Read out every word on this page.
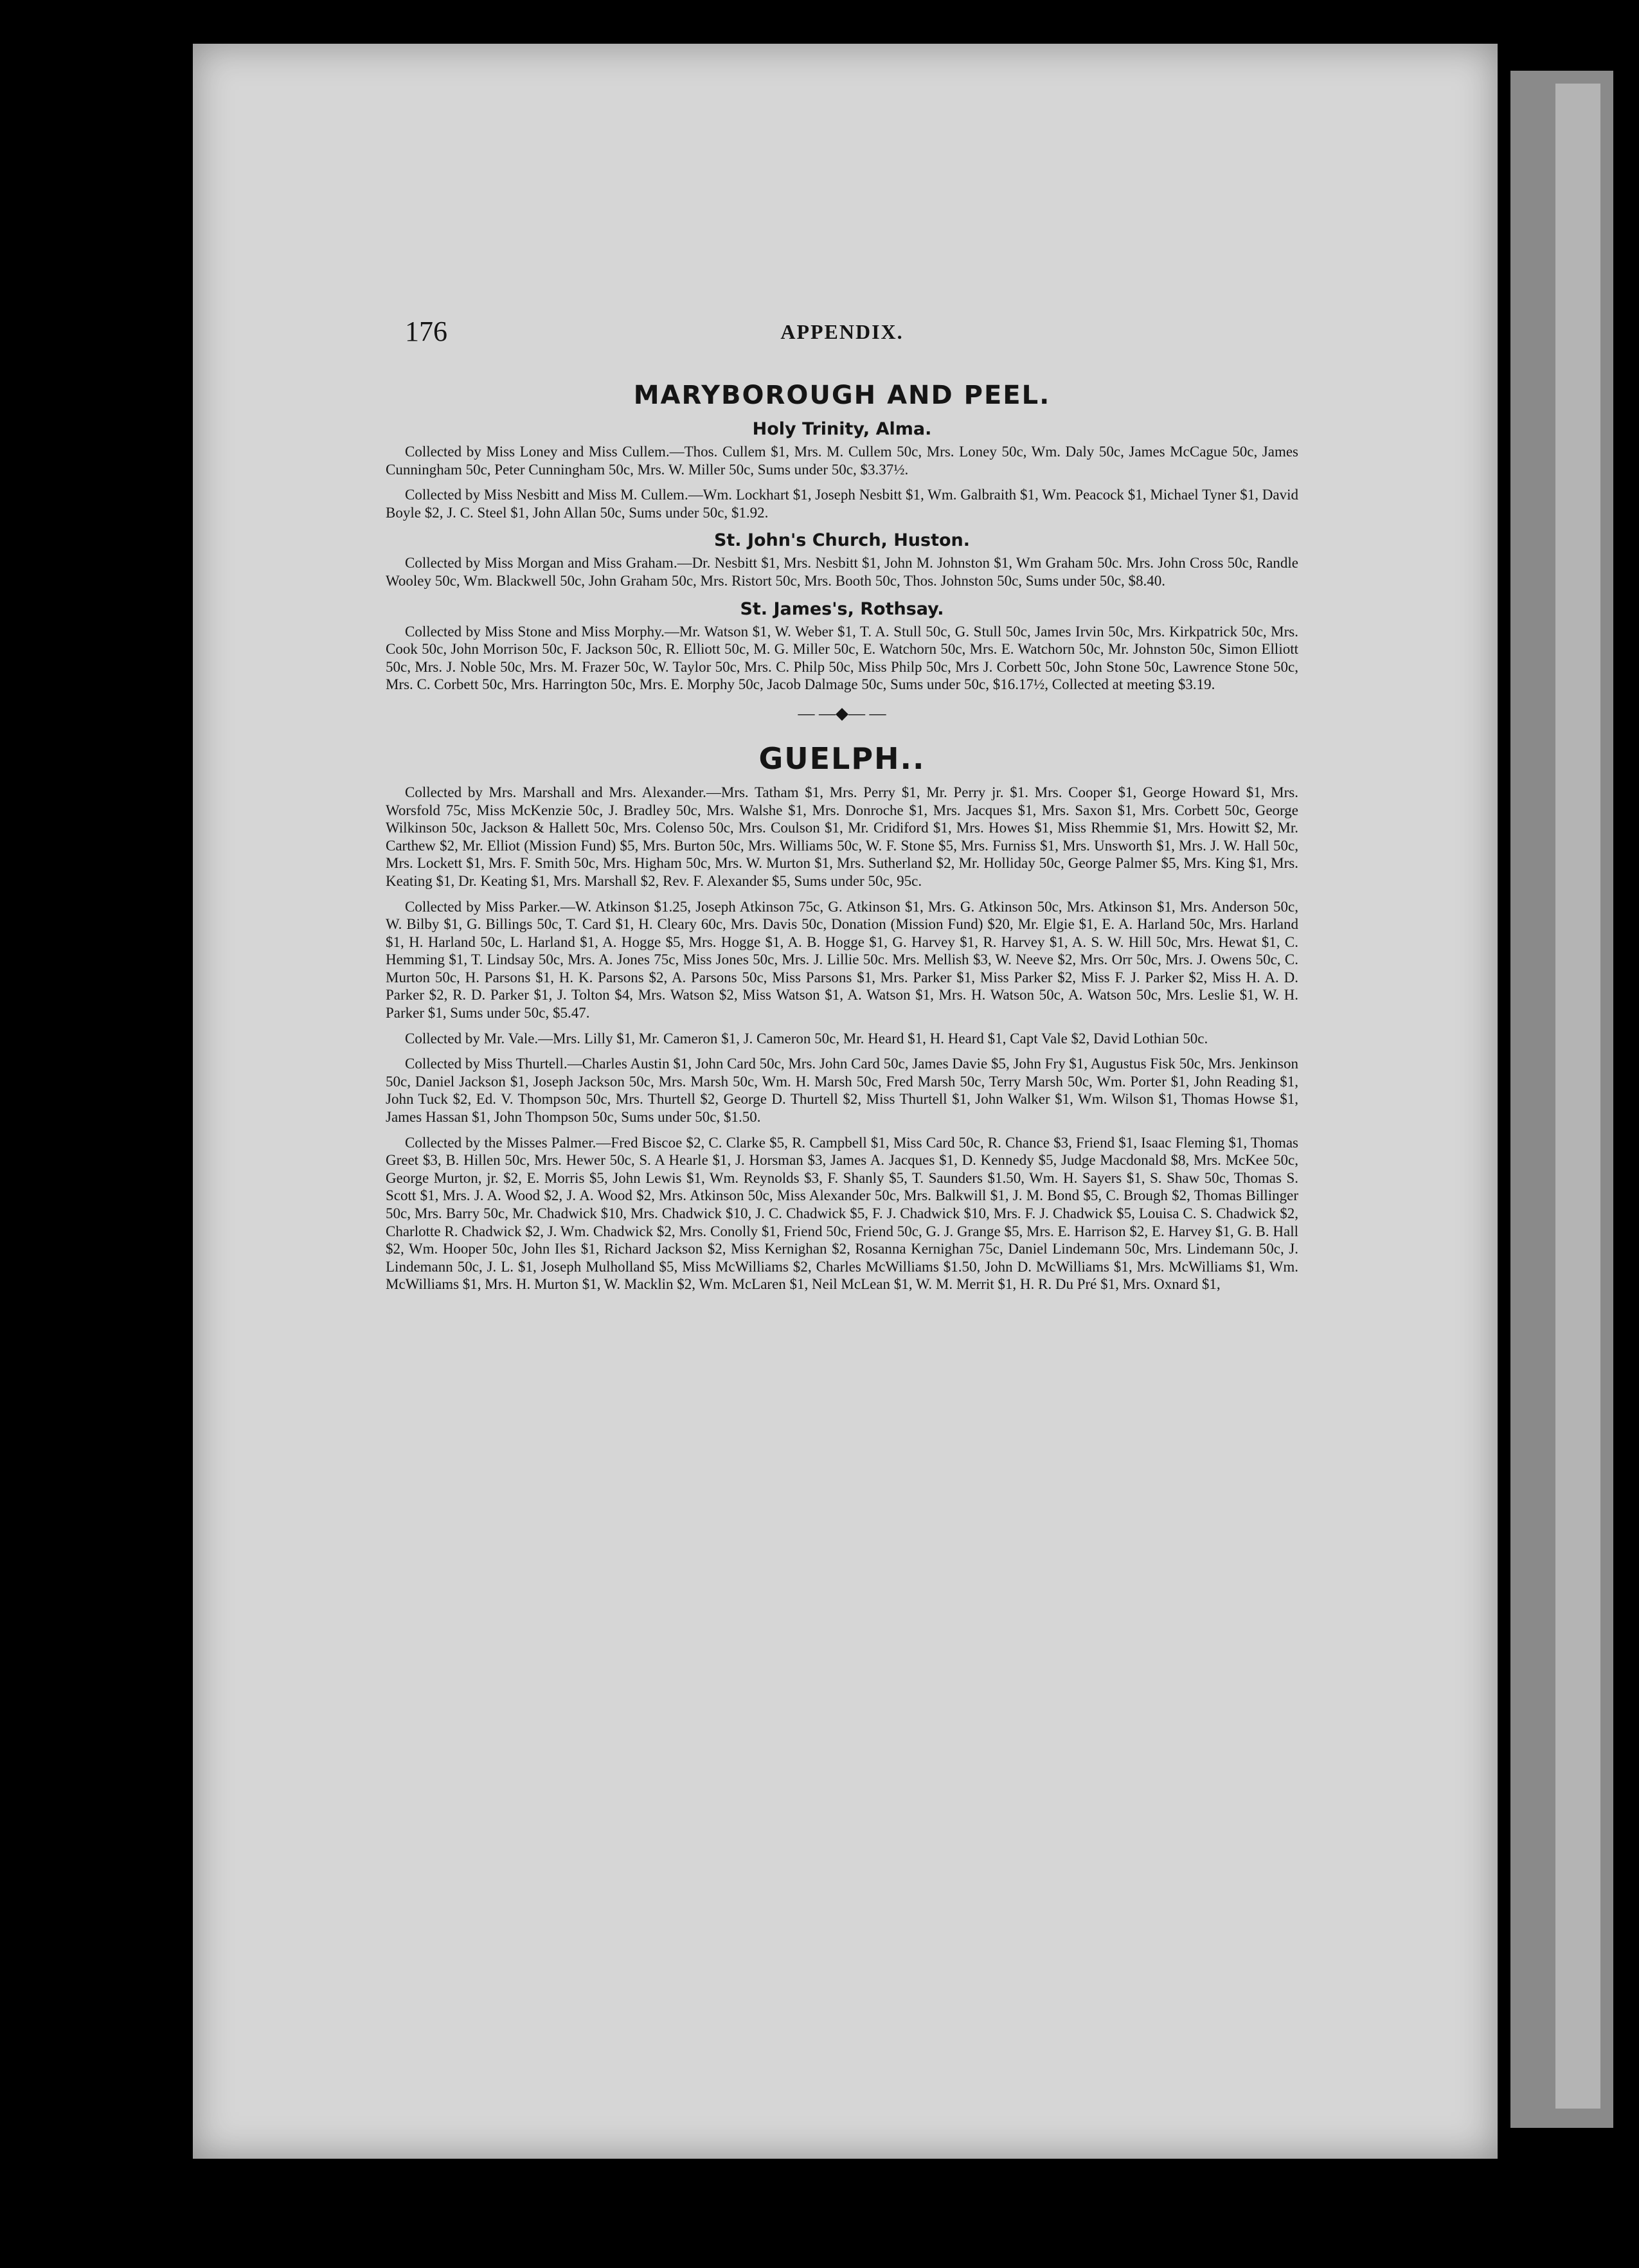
176	APPENDIX.
MARYBOROUGH AND PEEL.
Holy Trinity, Alma.

Collected by Miss Loney and Miss Cullem.—Thos. Cullem $1, Mrs. M. Cullem 50c, Mrs. Loney 50c, Wm. Daly 50c, James McCague 50c, James Cunningham 50c, Peter Cunningham 50c, Mrs. W. Miller 50c, Sums under 50c, $3.37½.

Collected by Miss Nesbitt and Miss M. Cullem.—Wm. Lockhart $1, Joseph Nesbitt $1, Wm. Galbraith $1, Wm. Peacock $1, Michael Tyner $1, David Boyle $2, J. C. Steel $1, John Allan 50c, Sums under 50c, $1.92.

St. John's Church, Huston.

Collected by Miss Morgan and Miss Graham.—Dr. Nesbitt $1, Mrs. Nesbitt $1, John M. Johnston $1, Wm Graham 50c. Mrs. John Cross 50c, Randle Wooley 50c, Wm. Blackwell 50c, John Graham 50c, Mrs. Ristort 50c, Mrs. Booth 50c, Thos. Johnston 50c, Sums under 50c, $8.40.

St. James's, Rothsay.

Collected by Miss Stone and Miss Morphy.—Mr. Watson $1, W. Weber $1, T. A. Stull 50c, G. Stull 50c, James Irvin 50c, Mrs. Kirkpatrick 50c, Mrs. Cook 50c, John Morrison 50c, F. Jackson 50c, R. Elliott 50c, M. G. Miller 50c, E. Watchorn 50c, Mrs. E. Watchorn 50c, Mr. Johnston 50c, Simon Elliott 50c, Mrs. J. Noble 50c, Mrs. M. Frazer 50c, W. Taylor 50c, Mrs. C. Philp 50c, Miss Philp 50c, Mrs J. Corbett 50c, John Stone 50c, Lawrence Stone 50c, Mrs. C. Corbett 50c, Mrs. Harrington 50c, Mrs. E. Morphy 50c, Jacob Dalmage 50c, Sums under 50c, $16.17½, Collected at meeting $3.19.

— —◆— —
GUELPH..

Collected by Mrs. Marshall and Mrs. Alexander.—Mrs. Tatham $1, Mrs. Perry $1, Mr. Perry jr. $1. Mrs. Cooper $1, George Howard $1, Mrs. Worsfold 75c, Miss McKenzie 50c, J. Bradley 50c, Mrs. Walshe $1, Mrs. Donroche $1, Mrs. Jacques $1, Mrs. Saxon $1, Mrs. Corbett 50c, George Wilkinson 50c, Jackson & Hallett 50c, Mrs. Colenso 50c, Mrs. Coulson $1, Mr. Cridiford $1, Mrs. Howes $1, Miss Rhemmie $1, Mrs. Howitt $2, Mr. Carthew $2, Mr. Elliot (Mission Fund) $5, Mrs. Burton 50c, Mrs. Williams 50c, W. F. Stone $5, Mrs. Furniss $1, Mrs. Unsworth $1, Mrs. J. W. Hall 50c, Mrs. Lockett $1, Mrs. F. Smith 50c, Mrs. Higham 50c, Mrs. W. Murton $1, Mrs. Sutherland $2, Mr. Holliday 50c, George Palmer $5, Mrs. King $1, Mrs. Keating $1, Dr. Keating $1, Mrs. Marshall $2, Rev. F. Alexander $5, Sums under 50c, 95c.

Collected by Miss Parker.—W. Atkinson $1.25, Joseph Atkinson 75c, G. Atkinson $1, Mrs. G. Atkinson 50c, Mrs. Atkinson $1, Mrs. Anderson 50c, W. Bilby $1, G. Billings 50c, T. Card $1, H. Cleary 60c, Mrs. Davis 50c, Donation (Mission Fund) $20, Mr. Elgie $1, E. A. Harland 50c, Mrs. Harland $1, H. Harland 50c, L. Harland $1, A. Hogge $5, Mrs. Hogge $1, A. B. Hogge $1, G. Harvey $1, R. Harvey $1, A. S. W. Hill 50c, Mrs. Hewat $1, C. Hemming $1, T. Lindsay 50c, Mrs. A. Jones 75c, Miss Jones 50c, Mrs. J. Lillie 50c. Mrs. Mellish $3, W. Neeve $2, Mrs. Orr 50c, Mrs. J. Owens 50c, C. Murton 50c, H. Parsons $1, H. K. Parsons $2, A. Parsons 50c, Miss Parsons $1, Mrs. Parker $1, Miss Parker $2, Miss F. J. Parker $2, Miss H. A. D. Parker $2, R. D. Parker $1, J. Tolton $4, Mrs. Watson $2, Miss Watson $1, A. Watson $1, Mrs. H. Watson 50c, A. Watson 50c, Mrs. Leslie $1, W. H. Parker $1, Sums under 50c, $5.47.

Collected by Mr. Vale.—Mrs. Lilly $1, Mr. Cameron $1, J. Cameron 50c, Mr. Heard $1, H. Heard $1, Capt Vale $2, David Lothian 50c.

Collected by Miss Thurtell.—Charles Austin $1, John Card 50c, Mrs. John Card 50c, James Davie $5, John Fry $1, Augustus Fisk 50c, Mrs. Jenkinson 50c, Daniel Jackson $1, Joseph Jackson 50c, Mrs. Marsh 50c, Wm. H. Marsh 50c, Fred Marsh 50c, Terry Marsh 50c, Wm. Porter $1, John Reading $1, John Tuck $2, Ed. V. Thompson 50c, Mrs. Thurtell $2, George D. Thurtell $2, Miss Thurtell $1, John Walker $1, Wm. Wilson $1, Thomas Howse $1, James Hassan $1, John Thompson 50c, Sums under 50c, $1.50.

Collected by the Misses Palmer.—Fred Biscoe $2, C. Clarke $5, R. Campbell $1, Miss Card 50c, R. Chance $3, Friend $1, Isaac Fleming $1, Thomas Greet $3, B. Hillen 50c, Mrs. Hewer 50c, S. A Hearle $1, J. Horsman $3, James A. Jacques $1, D. Kennedy $5, Judge Macdonald $8, Mrs. McKee 50c, George Murton, jr. $2, E. Morris $5, John Lewis $1, Wm. Reynolds $3, F. Shanly $5, T. Saunders $1.50, Wm. H. Sayers $1, S. Shaw 50c, Thomas S. Scott $1, Mrs. J. A. Wood $2, J. A. Wood $2, Mrs. Atkinson 50c, Miss Alexander 50c, Mrs. Balkwill $1, J. M. Bond $5, C. Brough $2, Thomas Billinger 50c, Mrs. Barry 50c, Mr. Chadwick $10, Mrs. Chadwick $10, J. C. Chadwick $5, F. J. Chadwick $10, Mrs. F. J. Chadwick $5, Louisa C. S. Chadwick $2, Charlotte R. Chadwick $2, J. Wm. Chadwick $2, Mrs. Conolly $1, Friend 50c, Friend 50c, G. J. Grange $5, Mrs. E. Harrison $2, E. Harvey $1, G. B. Hall $2, Wm. Hooper 50c, John Iles $1, Richard Jackson $2, Miss Kernighan $2, Rosanna Kernighan 75c, Daniel Lindemann 50c, Mrs. Lindemann 50c, J. Lindemann 50c, J. L. $1, Joseph Mulholland $5, Miss McWilliams $2, Charles McWilliams $1.50, John D. McWilliams $1, Mrs. McWilliams $1, Wm. McWilliams $1, Mrs. H. Murton $1, W. Macklin $2, Wm. McLaren $1, Neil McLean $1, W. M. Merrit $1, H. R. Du Pré $1, Mrs. Oxnard $1,
